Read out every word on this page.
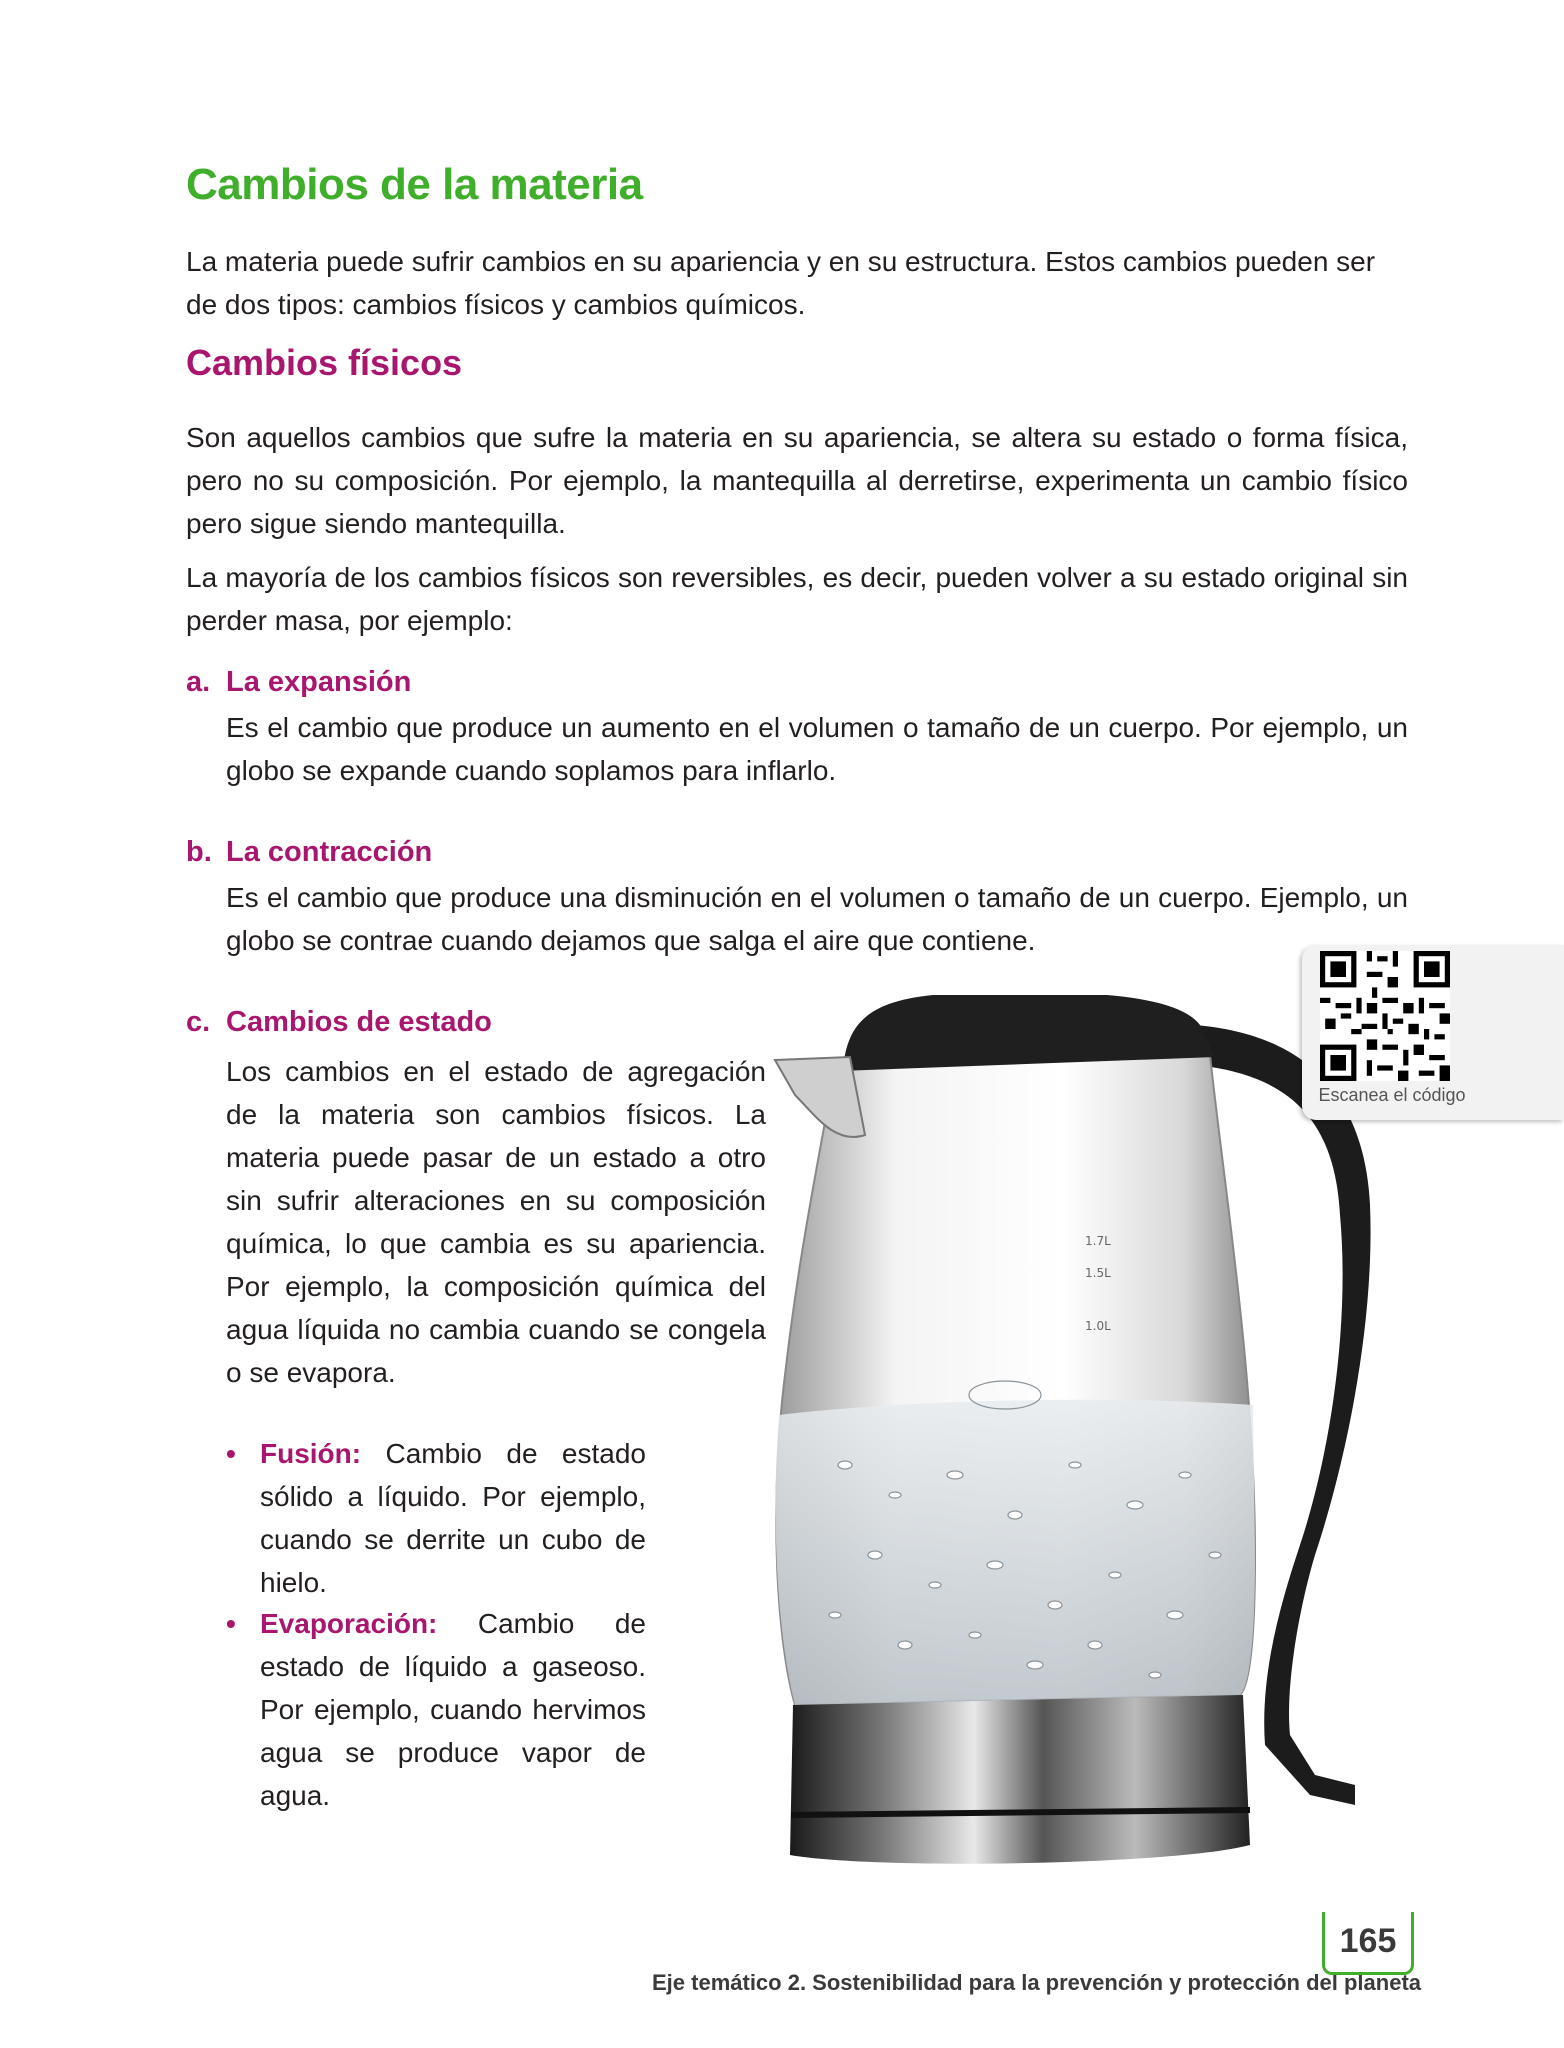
Cambios de la materia

La materia puede sufrir cambios en su apariencia y en su estructura. Estos cambios pueden ser de dos tipos: cambios físicos y cambios químicos.

Cambios físicos

Son aquellos cambios que sufre la materia en su apariencia, se altera su estado o forma física, pero no su composición. Por ejemplo, la mantequilla al derretirse, experimenta un cambio físico pero sigue siendo mantequilla.

La mayoría de los cambios físicos son reversibles, es decir, pueden volver a su estado original sin perder masa, por ejemplo:

a. La expansión

Es el cambio que produce un aumento en el volumen o tamaño de un cuerpo. Por ejemplo, un globo se expande cuando soplamos para inflarlo.

b. La contracción

Es el cambio que produce una disminución en el volumen o tamaño de un cuerpo. Ejemplo, un globo se contrae cuando dejamos que salga el aire que contiene.

c. Cambios de estado

Los cambios en el estado de agregación de la materia son cambios físicos. La materia puede pasar de un estado a otro sin sufrir alteraciones en su composición química, lo que cambia es su apariencia. Por ejemplo, la composición química del agua líquida no cambia cuando se congela o se evapora.

• Fusión: Cambio de estado sólido a líquido. Por ejemplo, cuando se derrite un cubo de hielo.
• Evaporación: Cambio de estado de líquido a gaseoso. Por ejemplo, cuando hervimos agua se produce vapor de agua.
1.7L
1.5L
1.0L
Escanea el código

Eje temático 2. Sostenibilidad para la prevención y protección del planeta

165
